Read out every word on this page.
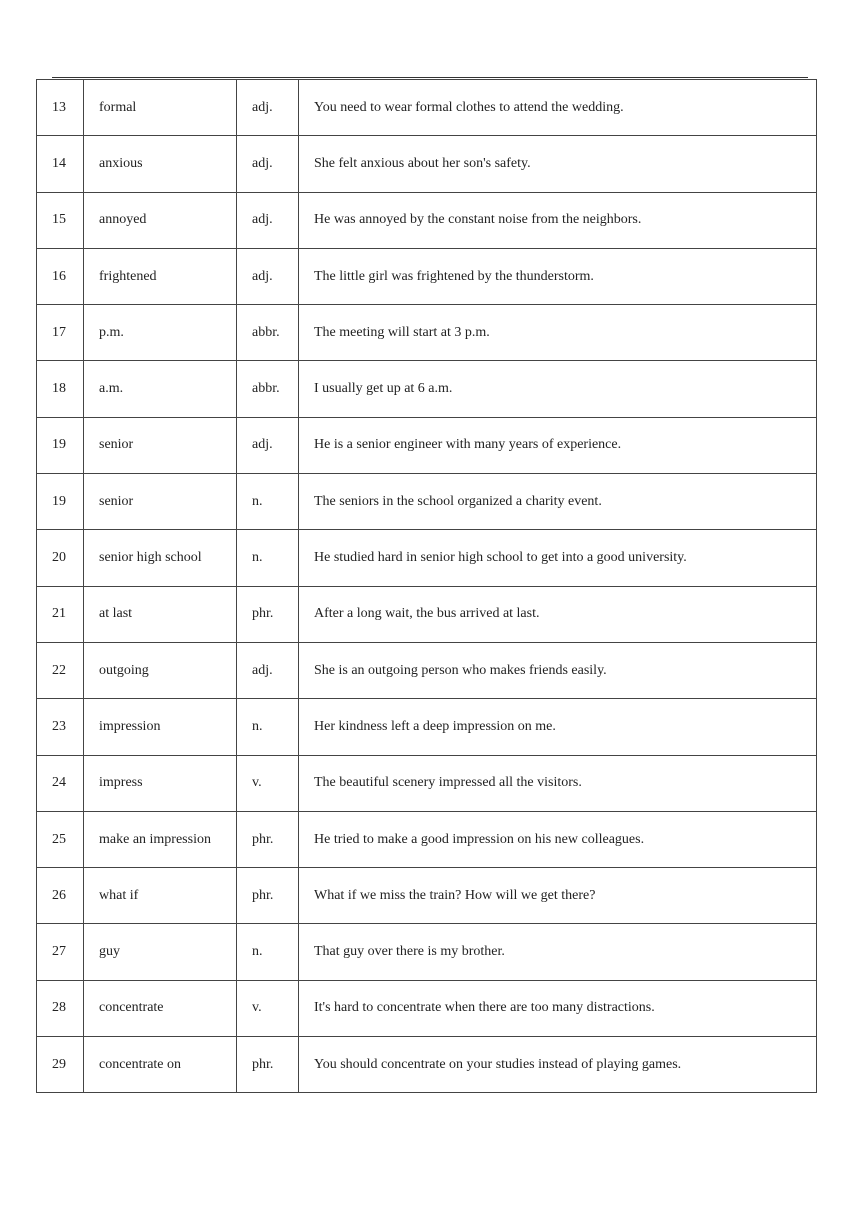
13	formal	adj.	You need to wear formal clothes to attend the wedding.
14	anxious	adj.	She felt anxious about her son's safety.
15	annoyed	adj.	He was annoyed by the constant noise from the neighbors.
16	frightened	adj.	The little girl was frightened by the thunderstorm.
17	p.m.	abbr.	The meeting will start at 3 p.m.
18	a.m.	abbr.	I usually get up at 6 a.m.
19	senior	adj.	He is a senior engineer with many years of experience.
19	senior	n.	The seniors in the school organized a charity event.
20	senior high school	n.	He studied hard in senior high school to get into a good university.
21	at last	phr.	After a long wait, the bus arrived at last.
22	outgoing	adj.	She is an outgoing person who makes friends easily.
23	impression	n.	Her kindness left a deep impression on me.
24	impress	v.	The beautiful scenery impressed all the visitors.
25	make an impression	phr.	He tried to make a good impression on his new colleagues.
26	what if	phr.	What if we miss the train? How will we get there?
27	guy	n.	That guy over there is my brother.
28	concentrate	v.	It's hard to concentrate when there are too many distractions.
29	concentrate on	phr.	You should concentrate on your studies instead of playing games.
